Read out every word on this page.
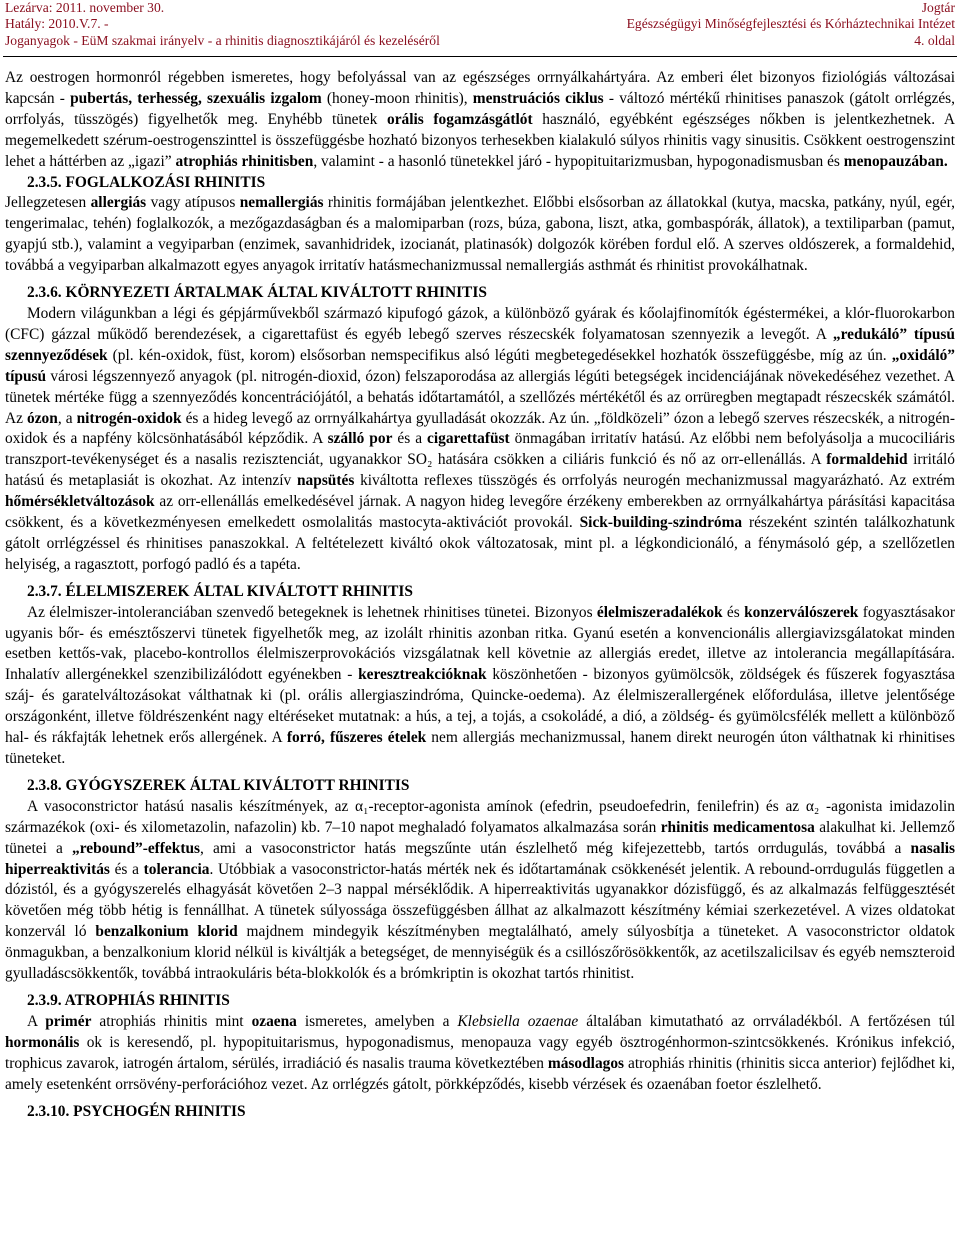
Lezárva: 2011. november 30.
Hatály: 2010.V.7. -
Joganyagok - EüM szakmai irányelv - a rhinitis diagnosztikájáról és kezeléséről
Jogtár
Egészségügyi Minőségfejlesztési és Kórháztechnikai Intézet
4. oldal

Az oestrogen hormonról régebben ismeretes, hogy befolyással van az egészséges orrnyálkahártyára. Az emberi élet bizonyos fiziológiás változásai kapcsán - pubertás, terhesség, szexuális izgalom (honey-moon rhinitis), menstruációs ciklus - változó mértékű rhinitises panaszok (gátolt orrlégzés, orrfolyás, tüsszögés) figyelhetők meg. Enyhébb tünetek orális fogamzásgátlót használó, egyébként egészséges nőkben is jelentkezhetnek. A megemelkedett szérum-oestrogenszinttel is összefüggésbe hozható bizonyos terhesekben kialakuló súlyos rhinitis vagy sinusitis. Csökkent oestrogenszint lehet a háttérben az „igazi” atrophiás rhinitisben, valamint - a hasonló tünetekkel járó - hypopituitarizmusban, hypogonadismusban és menopauzában.

2.3.5. FOGLALKOZÁSI RHINITIS

Jellegzetesen allergiás vagy atípusos nemallergiás rhinitis formájában jelentkezhet. Előbbi elsősorban az állatokkal (kutya, macska, patkány, nyúl, egér, tengerimalac, tehén) foglalkozók, a mezőgazdaságban és a malomiparban (rozs, búza, gabona, liszt, atka, gombaspórák, állatok), a textiliparban (pamut, gyapjú stb.), valamint a vegyiparban (enzimek, savanhidridek, izocianát, platinasók) dolgozók körében fordul elő. A szerves oldószerek, a formaldehid, továbbá a vegyiparban alkalmazott egyes anyagok irritatív hatásmechanizmussal nemallergiás asthmát és rhinitist provokálhatnak.

2.3.6. KÖRNYEZETI ÁRTALMAK ÁLTAL KIVÁLTOTT RHINITIS

Modern világunkban a légi és gépjárművekből származó kipufogó gázok, a különböző gyárak és kőolajfinomítók égéstermékei, a klór-fluorokarbon (CFC) gázzal működő berendezések, a cigarettafüst és egyéb lebegő szerves részecskék folyamatosan szennyezik a levegőt. A „redukáló” típusú szennyeződések (pl. kén-oxidok, füst, korom) elsősorban nemspecifikus alsó légúti megbetegedésekkel hozhatók összefüggésbe, míg az ún. „oxidáló” típusú városi légszennyező anyagok (pl. nitrogén-dioxid, ózon) felszaporodása az allergiás légúti betegségek incidenciájának növekedéséhez vezethet. A tünetek mértéke függ a szennyeződés koncentrációjától, a behatás időtartamától, a szellőzés mértékétől és az orrüregben megtapadt részecskék számától. Az ózon, a nitrogén-oxidok és a hideg levegő az orrnyálkahártya gyulladását okozzák. Az ún. „földközeli” ózon a lebegő szerves részecskék, a nitrogén-oxidok és a napfény kölcsönhatásából képződik. A szálló por és a cigarettafüst önmagában irritatív hatású. Az előbbi nem befolyásolja a mucociliáris transzport-tevékenységet és a nasalis rezisztenciát, ugyanakkor SO₂ hatására csökken a ciliáris funkció és nő az orr-ellenállás. A formaldehid irritáló hatású és metaplasiát is okozhat. Az intenzív napsütés kiváltotta reflexes tüsszögés és orrfolyás neurogén mechanizmussal magyarázható. Az extrém hőmérsékletváltozások az orr-ellenállás emelkedésével járnak. A nagyon hideg levegőre érzékeny emberekben az orrnyálkahártya párásítási kapacitása csökkent, és a következményesen emelkedett osmolalitás mastocyta-aktivációt provokál. Sick-building-szindróma részeként szintén találkozhatunk gátolt orrlégzéssel és rhinitises panaszokkal. A feltételezett kiváltó okok változatosak, mint pl. a légkondicionáló, a fénymásoló gép, a szellőzetlen helyiség, a ragasztott, porfogó padló és a tapéta.

2.3.7. ÉLELMISZEREK ÁLTAL KIVÁLTOTT RHINITIS

Az élelmiszer-intoleranciában szenvedő betegeknek is lehetnek rhinitises tünetei. Bizonyos élelmiszeradalékok és konzerválószerek fogyasztásakor ugyanis bőr- és emésztőszervi tünetek figyelhetők meg, az izolált rhinitis azonban ritka. Gyanú esetén a konvencionális allergiavizsgálatokat minden esetben kettős-vak, placebo-kontrollos élelmiszerprovokációs vizsgálatnak kell követnie az allergiás eredet, illetve az intolerancia megállapítására. Inhalatív allergénekkel szenzibilizálódott egyénekben - keresztreakcióknak köszönhetően - bizonyos gyümölcsök, zöldségek és fűszerek fogyasztása száj- és garatelváltozásokat válthatnak ki (pl. orális allergiaszindróma, Quincke-oedema). Az élelmiszerallergének előfordulása, illetve jelentősége országonként, illetve földrészenként nagy eltéréseket mutatnak: a hús, a tej, a tojás, a csokoládé, a dió, a zöldség- és gyümölcsfélék mellett a különböző hal- és rákfajták lehetnek erős allergének. A forró, fűszeres ételek nem allergiás mechanizmussal, hanem direkt neurogén úton válthatnak ki rhinitises tüneteket.

2.3.8. GYÓGYSZEREK ÁLTAL KIVÁLTOTT RHINITIS

A vasoconstrictor hatású nasalis készítmények, az α₁-receptor-agonista amínok (efedrin, pseudoefedrin, fenilefrin) és az α₂ -agonista imidazolin származékok (oxi- és xilometazolin, nafazolin) kb. 7–10 napot meghaladó folyamatos alkalmazása során rhinitis medicamentosa alakulhat ki. Jellemző tünetei a „rebound”-effektus, ami a vasoconstrictor hatás megszűnte után észlelhető még kifejezettebb, tartós orrdugulás, továbbá a nasalis hiperreaktivitás és a tolerancia. Utóbbiak a vasoconstrictor-hatás mérték nek és időtartamának csökkenését jelentik. A rebound-orrdugulás független a dózistól, és a gyógyszerelés elhagyását követően 2–3 nappal mérséklődik. A hiperreaktivitás ugyanakkor dózisfüggő, és az alkalmazás felfüggesztését követően még több hétig is fennállhat. A tünetek súlyossága összefüggésben állhat az alkalmazott készítmény kémiai szerkezetével. A vizes oldatokat konzervál ló benzalkonium klorid majdnem mindegyik készítményben megtalálható, amely súlyosbítja a tüneteket. A vasoconstrictor oldatok önmagukban, a benzalkonium klorid nélkül is kiváltják a betegséget, de mennyiségük és a csillószőrösökkentők, az acetilszalicilsav és egyéb nemszteroid gyulladáscsökkentők, továbbá intraokuláris béta-blokkolók és a brómkriptin is okozhat tartós rhinitist.

2.3.9. ATROPHIÁS RHINITIS

A primér atrophiás rhinitis mint ozaena ismeretes, amelyben a Klebsiella ozaenae általában kimutatható az orrváladékból. A fertőzésen túl hormonális ok is keresendő, pl. hypopituitarismus, hypogonadismus, menopauza vagy egyéb ösztrogénhormon-szintcsökkenés. Krónikus infekció, trophicus zavarok, iatrogén ártalom, sérülés, irradiáció és nasalis trauma következtében másodlagos atrophiás rhinitis (rhinitis sicca anterior) fejlődhet ki, amely esetenként orrsövény-perforációhoz vezet. Az orrlégzés gátolt, pörkképződés, kisebb vérzések és ozaenában foetor észlelhető.

2.3.10. PSYCHOGÉN RHINITIS
